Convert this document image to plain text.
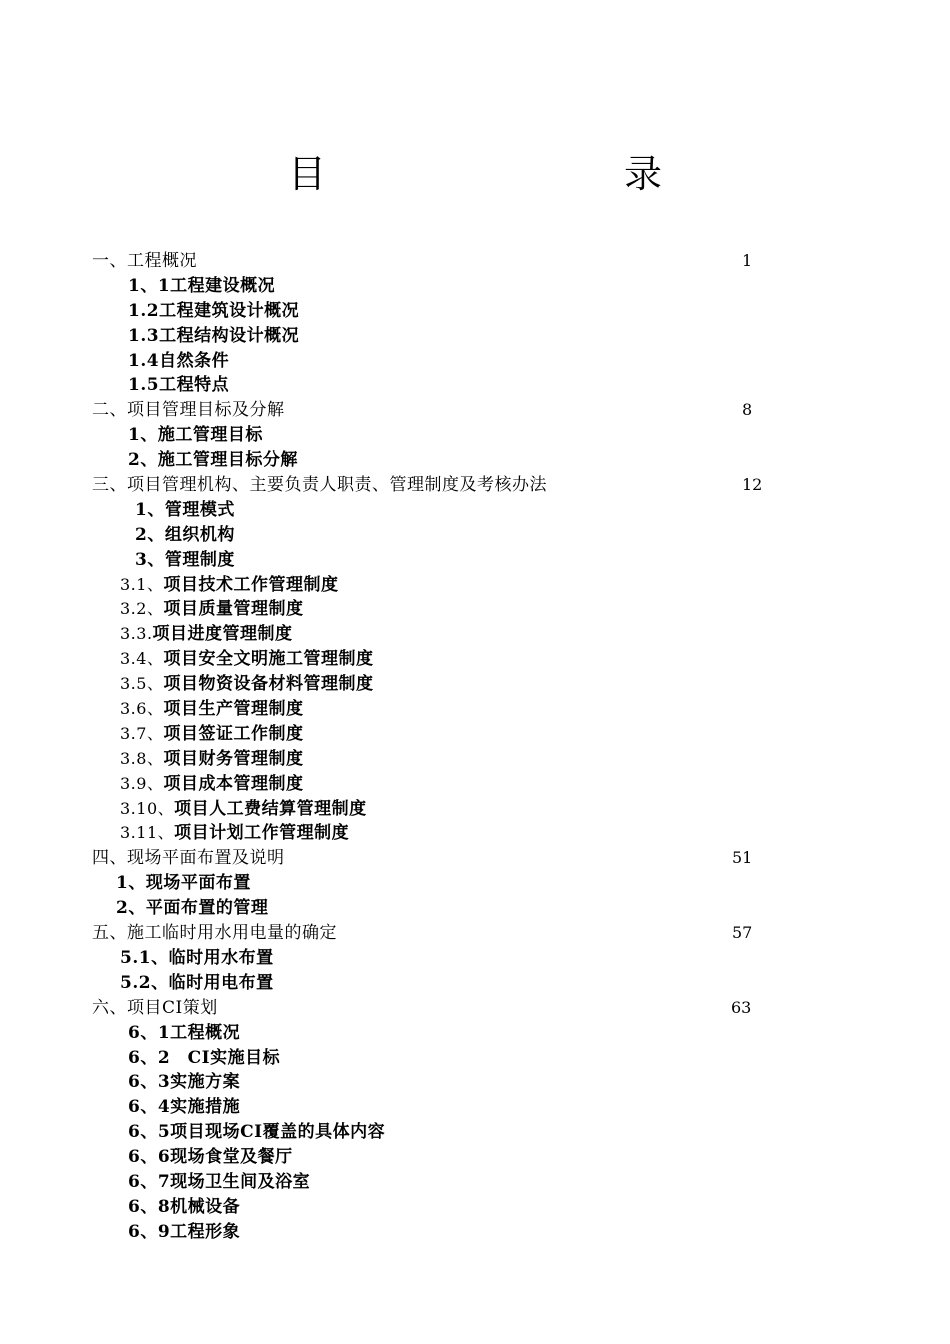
目　录
一、工程概况	1
1、1工程建设概况
1.2工程建筑设计概况
1.3工程结构设计概况
1.4自然条件
1.5工程特点
二、项目管理目标及分解	8
1、施工管理目标
2、施工管理目标分解
三、项目管理机构、主要负责人职责、管理制度及考核办法	12
1、管理模式
2、组织机构
3、管理制度
3.1、项目技术工作管理制度
3.2、项目质量管理制度
3.3.项目进度管理制度
3.4、项目安全文明施工管理制度
3.5、项目物资设备材料管理制度
3.6、项目生产管理制度
3.7、项目签证工作制度
3.8、项目财务管理制度
3.9、项目成本管理制度
3.10、项目人工费结算管理制度
3.11、项目计划工作管理制度
四、现场平面布置及说明	51
1、现场平面布置
2、平面布置的管理
五、施工临时用水用电量的确定	57
5.1、临时用水布置
5.2、临时用电布置
六、项目CI策划	63
6、1工程概况
6、2　CI实施目标
6、3实施方案
6、4实施措施
6、5项目现场CI覆盖的具体内容
6、6现场食堂及餐厅
6、7现场卫生间及浴室
6、8机械设备
6、9工程形象
